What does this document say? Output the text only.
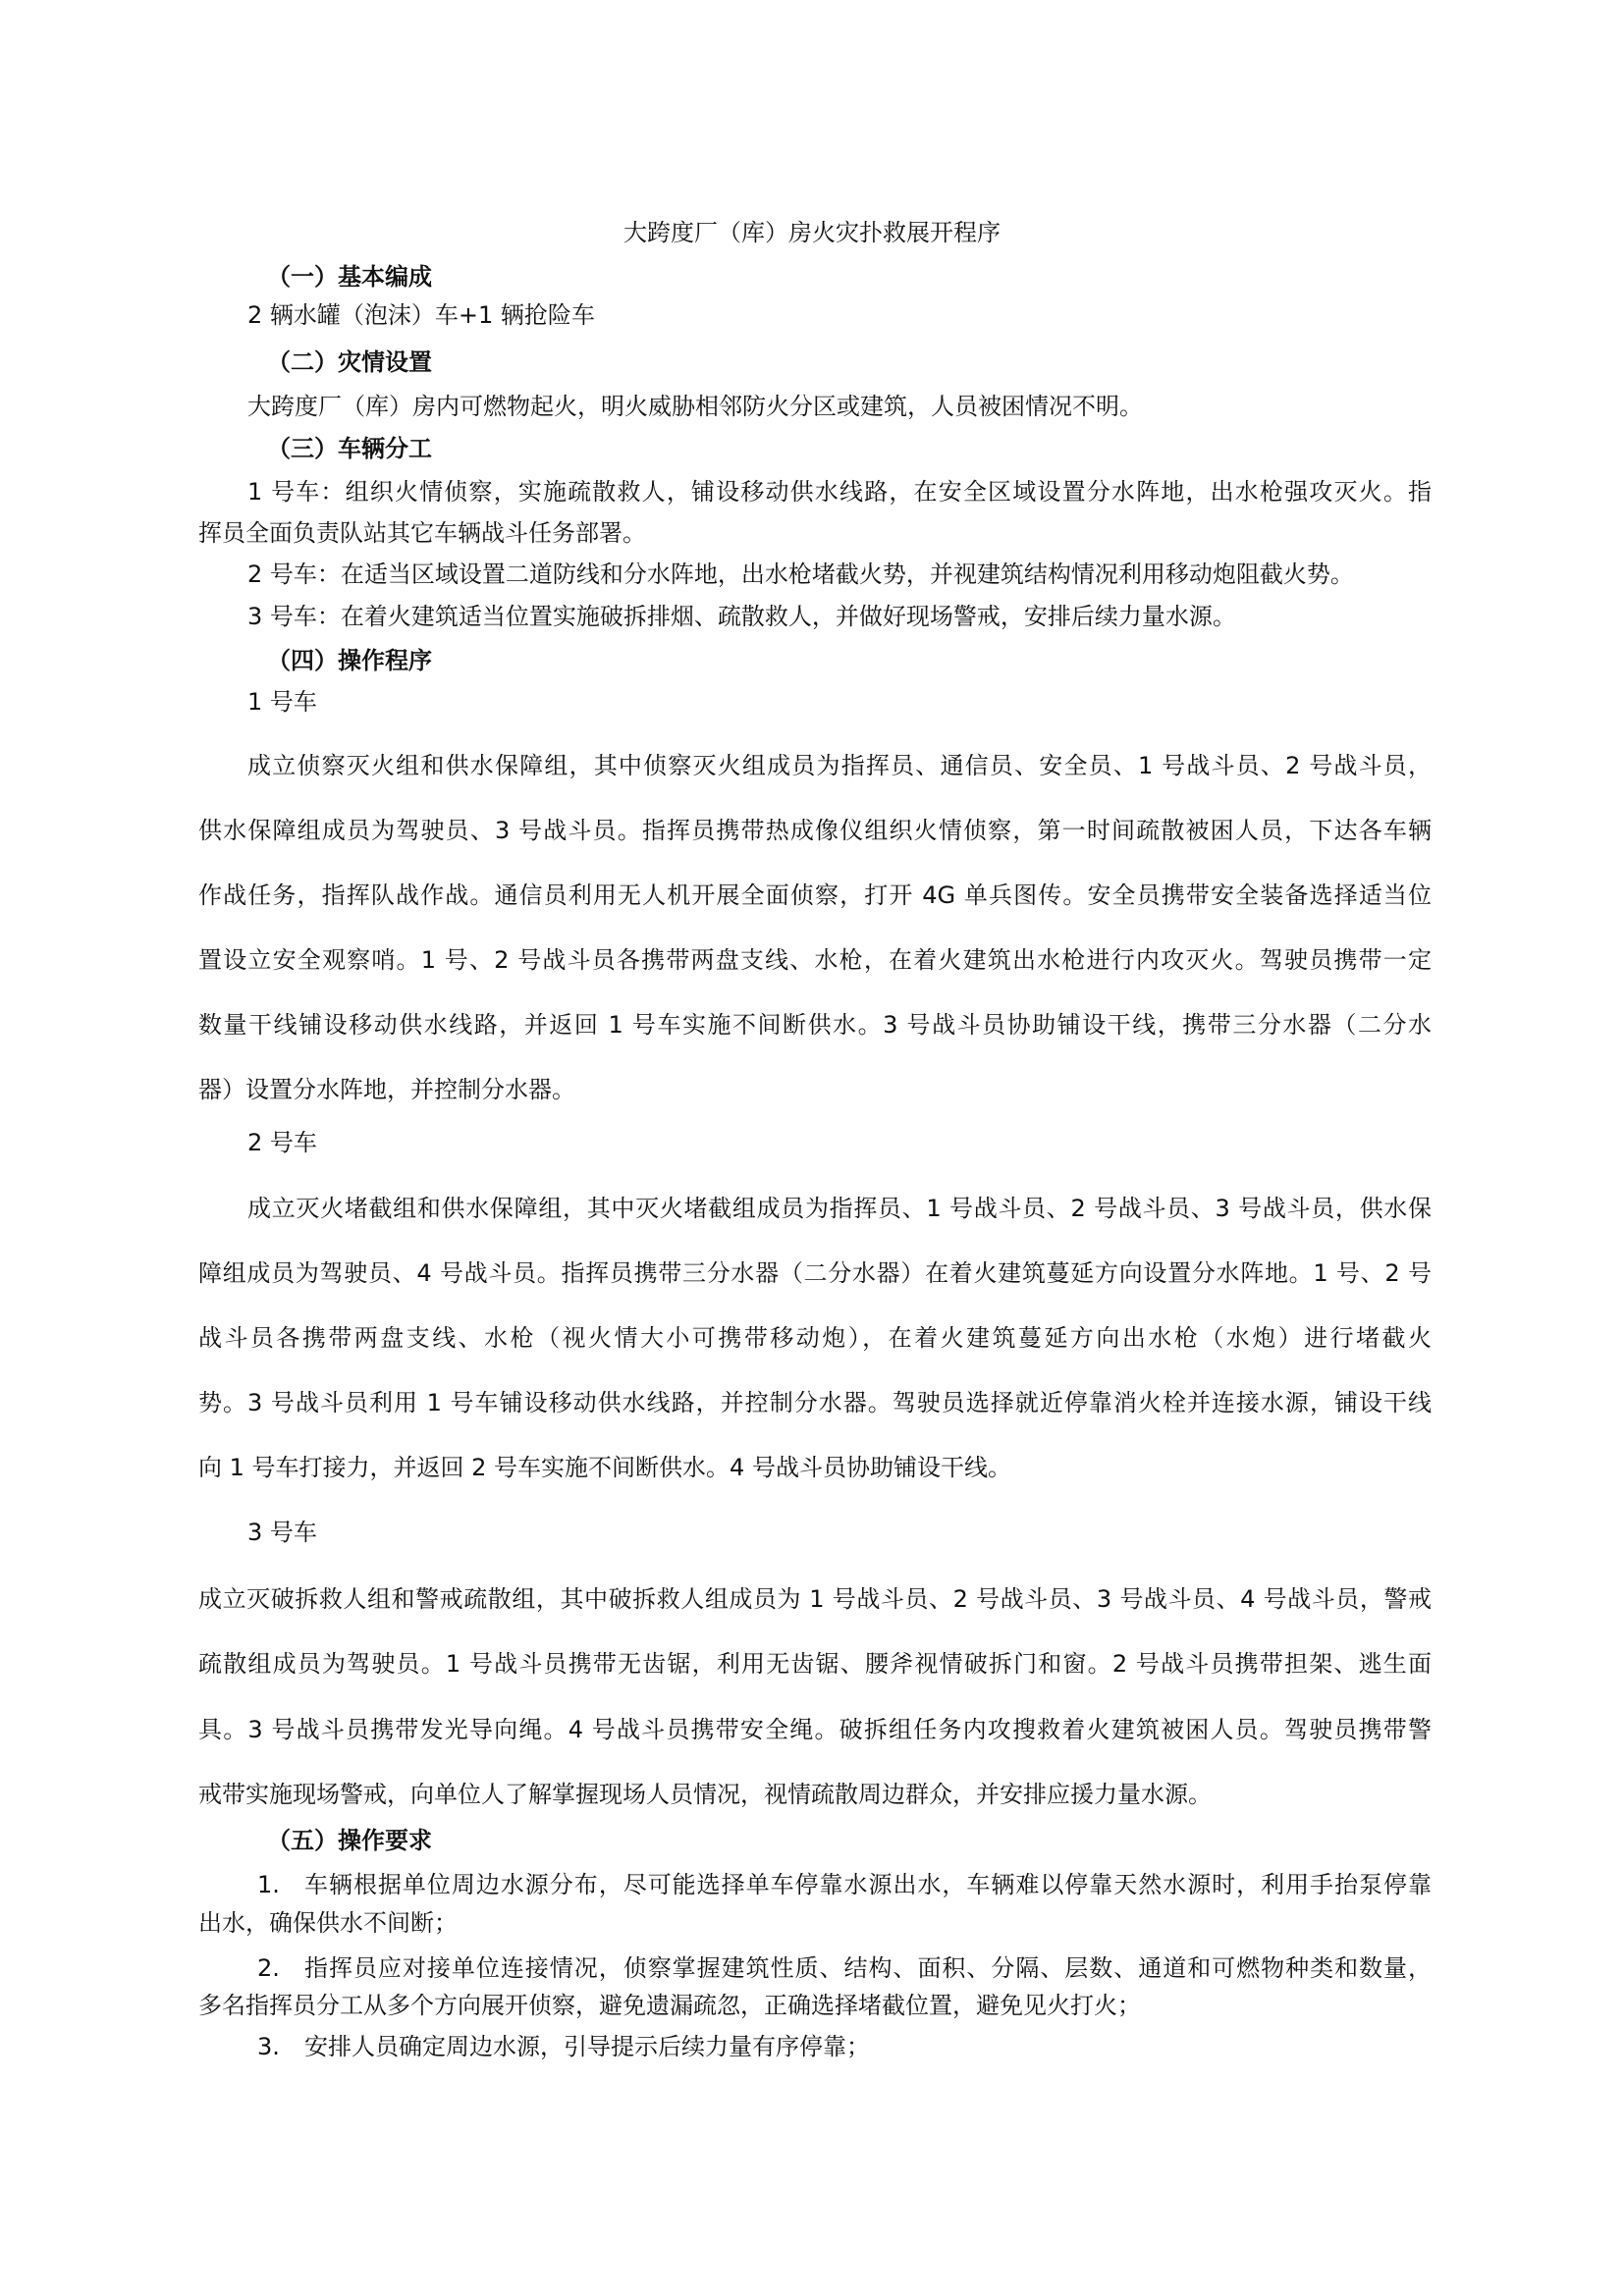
大跨度厂（库）房火灾扑救展开程序
（一）基本编成
2 辆水罐（泡沫）车+1 辆抢险车
（二）灾情设置
大跨度厂（库）房内可燃物起火，明火威胁相邻防火分区或建筑，人员被困情况不明。
（三）车辆分工
1 号车：组织火情侦察，实施疏散救人，铺设移动供水线路，在安全区域设置分水阵地，出水枪强攻灭火。指
挥员全面负责队站其它车辆战斗任务部署。
2 号车：在适当区域设置二道防线和分水阵地，出水枪堵截火势，并视建筑结构情况利用移动炮阻截火势。
3 号车：在着火建筑适当位置实施破拆排烟、疏散救人，并做好现场警戒，安排后续力量水源。
（四）操作程序
1 号车
成立侦察灭火组和供水保障组，其中侦察灭火组成员为指挥员、通信员、安全员、1 号战斗员、2 号战斗员，
供水保障组成员为驾驶员、3 号战斗员。指挥员携带热成像仪组织火情侦察，第一时间疏散被困人员，下达各车辆
作战任务，指挥队战作战。通信员利用无人机开展全面侦察，打开 4G 单兵图传。安全员携带安全装备选择适当位
置设立安全观察哨。1 号、2 号战斗员各携带两盘支线、水枪，在着火建筑出水枪进行内攻灭火。驾驶员携带一定
数量干线铺设移动供水线路，并返回 1 号车实施不间断供水。3 号战斗员协助铺设干线，携带三分水器（二分水
器）设置分水阵地，并控制分水器。
2 号车
成立灭火堵截组和供水保障组，其中灭火堵截组成员为指挥员、1 号战斗员、2 号战斗员、3 号战斗员，供水保
障组成员为驾驶员、4 号战斗员。指挥员携带三分水器（二分水器）在着火建筑蔓延方向设置分水阵地。1 号、2 号
战斗员各携带两盘支线、水枪（视火情大小可携带移动炮），在着火建筑蔓延方向出水枪（水炮）进行堵截火
势。3 号战斗员利用 1 号车铺设移动供水线路，并控制分水器。驾驶员选择就近停靠消火栓并连接水源，铺设干线
向 1 号车打接力，并返回 2 号车实施不间断供水。4 号战斗员协助铺设干线。
3 号车
成立灭破拆救人组和警戒疏散组，其中破拆救人组成员为 1 号战斗员、2 号战斗员、3 号战斗员、4 号战斗员，警戒
疏散组成员为驾驶员。1 号战斗员携带无齿锯，利用无齿锯、腰斧视情破拆门和窗。2 号战斗员携带担架、逃生面
具。3 号战斗员携带发光导向绳。4 号战斗员携带安全绳。破拆组任务内攻搜救着火建筑被困人员。驾驶员携带警
戒带实施现场警戒，向单位人了解掌握现场人员情况，视情疏散周边群众，并安排应援力量水源。
（五）操作要求
1.	车辆根据单位周边水源分布，尽可能选择单车停靠水源出水，车辆难以停靠天然水源时，利用手抬泵停靠
出水，确保供水不间断；
2.	指挥员应对接单位连接情况，侦察掌握建筑性质、结构、面积、分隔、层数、通道和可燃物种类和数量，
多名指挥员分工从多个方向展开侦察，避免遗漏疏忽，正确选择堵截位置，避免见火打火；
3.	安排人员确定周边水源，引导提示后续力量有序停靠；
